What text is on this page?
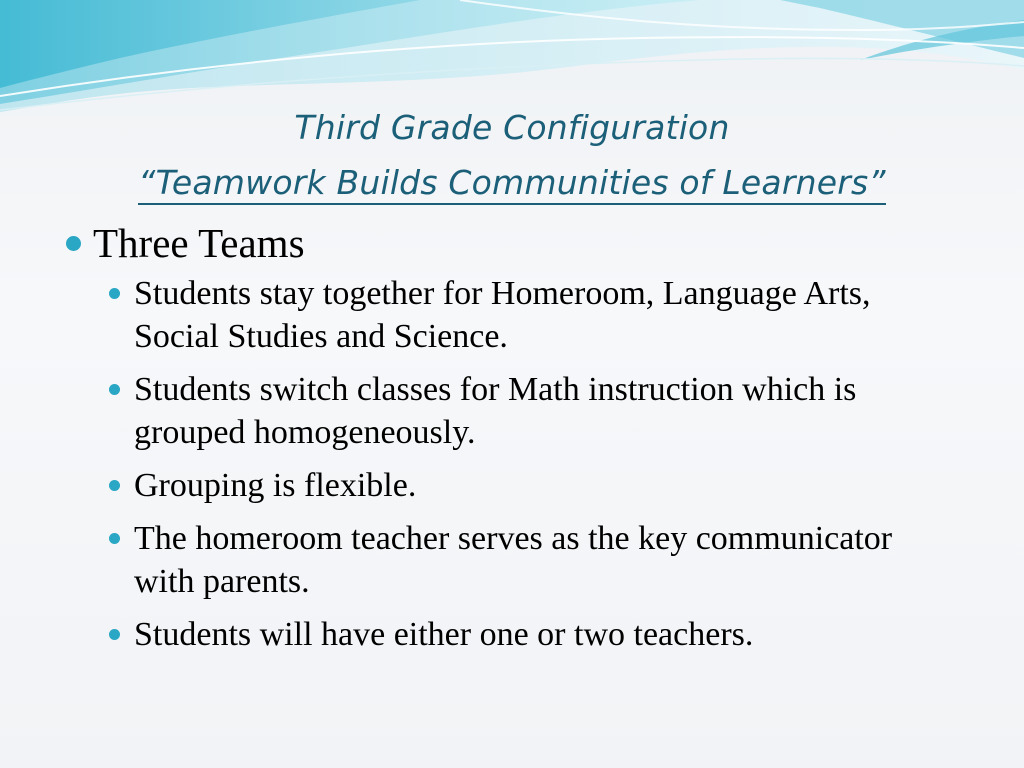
Third Grade Configuration
“Teamwork Builds Communities of Learners”
Three Teams
Students stay together for Homeroom, Language Arts, Social Studies and Science.
Students switch classes for Math instruction which is grouped homogeneously.
Grouping is flexible.
The homeroom teacher serves as the key communicator with parents.
Students will have either one or two teachers.
